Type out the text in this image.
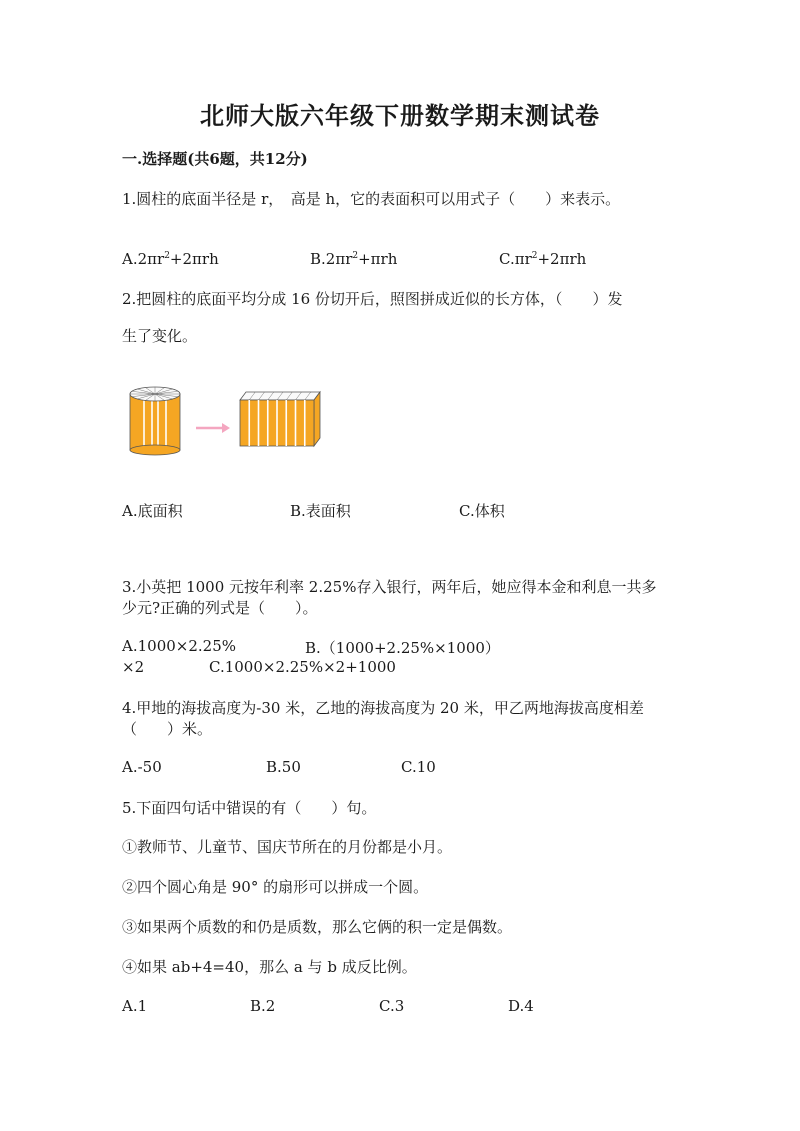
北师大版六年级下册数学期末测试卷
一.选择题(共6题，共12分)
1.圆柱的底面半径是 r，　高是 h，它的表面积可以用式子（　　）来表示。
$A.2\pi r^2+2\pi rh$	$B.2\pi r^2+\pi rh$	$C.\pi r^2+2\pi rh$
2.把圆柱的底面平均分成 16 份切开后，照图拼成近似的长方体，（　　）发
生了变化。
A.底面积	B.表面积	C.体积
3.小英把 1000 元按年利率 2.25%存入银行，两年后，她应得本金和利息一共多
少元?正确的列式是（　　）。
A.1000×2.25%	B.（1000+2.25%×1000）
×2	C.1000×2.25%×2+1000
4.甲地的海拔高度为-30 米，乙地的海拔高度为 20 米，甲乙两地海拔高度相差
（　　）米。
A.-50	B.50	C.10
5.下面四句话中错误的有（　　）句。
①教师节、儿童节、国庆节所在的月份都是小月。
②四个圆心角是 90° 的扇形可以拼成一个圆。
③如果两个质数的和仍是质数，那么它俩的积一定是偶数。
④如果 ab+4=40，那么 a 与 b 成反比例。
A.1	B.2	C.3	D.4
